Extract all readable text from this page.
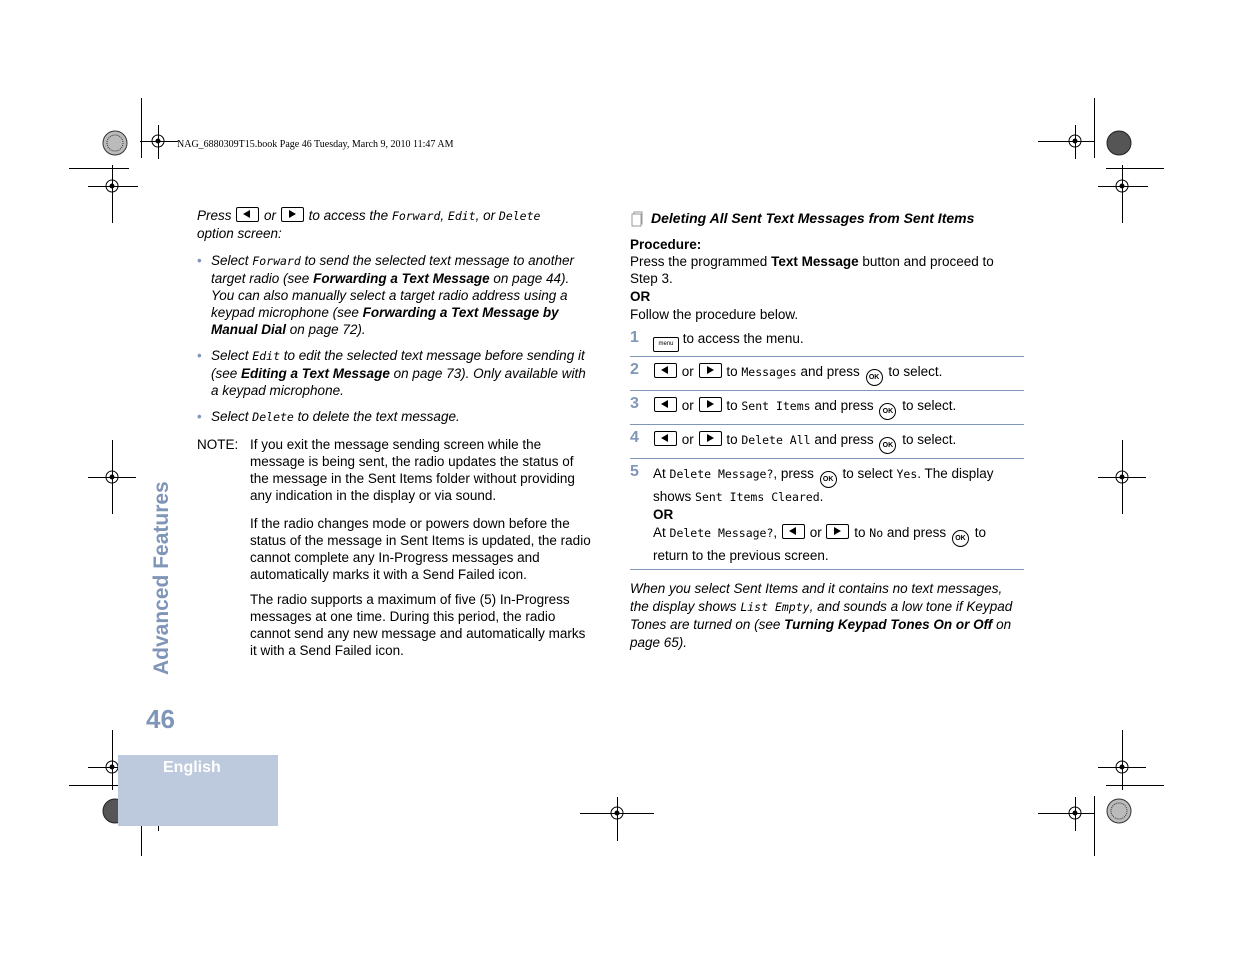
NAG_6880309T15.book Page 46 Tuesday, March 9, 2010 11:47 AM
Advanced Features
46
English

Press or to access the Forward, Edit, or Delete
option screen:

• Select Forward to send the selected text message to another target radio (see Forwarding a Text Message on page 44). You can also manually select a target radio address using a keypad microphone (see Forwarding a Text Message by Manual Dial on page 72).
• Select Edit to edit the selected text message before sending it (see Editing a Text Message on page 73). Only available with a keypad microphone.
• Select Delete to delete the text message.
NOTE: If you exit the message sending screen while the message is being sent, the radio updates the status of the message in the Sent Items folder without providing any indication in the display or via sound.

If the radio changes mode or powers down before the status of the message in Sent Items is updated, the radio cannot complete any In-Progress messages and automatically marks it with a Send Failed icon.

The radio supports a maximum of five (5) In-Progress messages at one time. During this period, the radio cannot send any new message and automatically marks it with a Send Failed icon.

Deleting All Sent Text Messages from Sent Items
Procedure:
Press the programmed Text Message button and proceed to Step 3.
OR
Follow the procedure below.
1	menu to access the menu.
2	or to Messages and press OK to select.
3	or to Sent Items and press OK to select.
4	or to Delete All and press OK to select.
5 At Delete Message?, press OK to select Yes. The display shows Sent Items Cleared.
OR
At Delete Message?, or to No and press OK to return to the previous screen.

When you select Sent Items and it contains no text messages, the display shows List Empty, and sounds a low tone if Keypad Tones are turned on (see Turning Keypad Tones On or Off on page 65).
